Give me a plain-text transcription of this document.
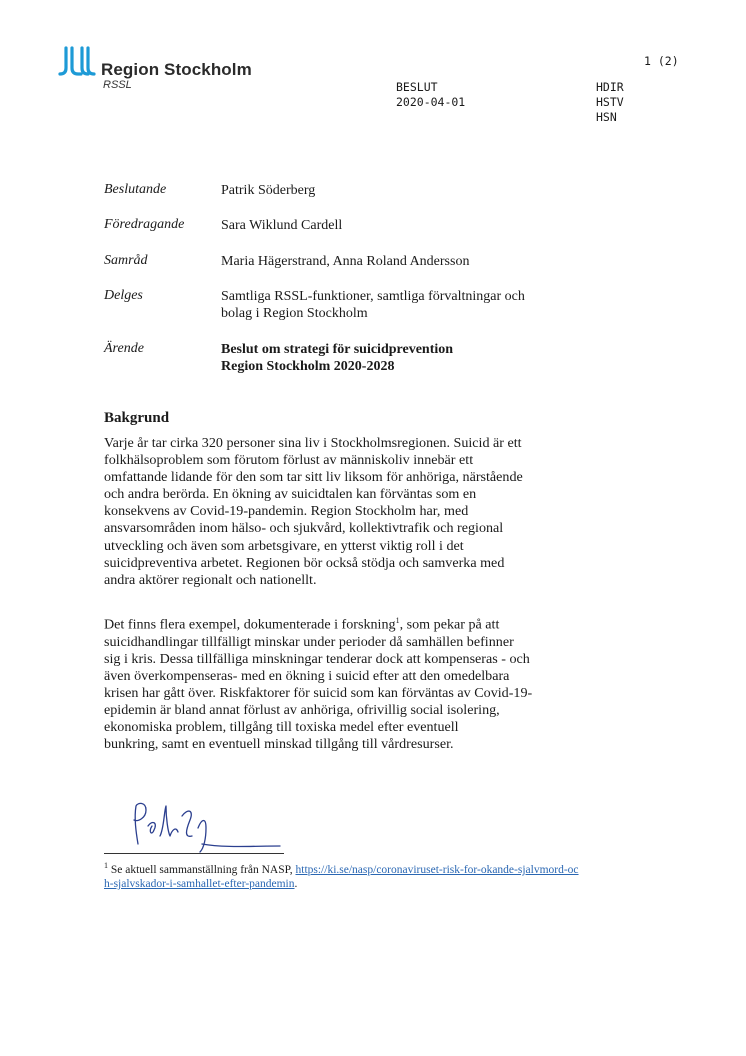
Region Stockholm
RSSL
1 (2)
BESLUT
2020-04-01
HDIR
HSTV
HSN
Beslutande	Patrik Söderberg
Föredragande	Sara Wiklund Cardell
Samråd	Maria Hägerstrand, Anna Roland Andersson
Delges	Samtliga RSSL-funktioner, samtliga förvaltningar och
bolag i Region Stockholm
Ärende	Beslut om strategi för suicidprevention
Region Stockholm 2020-2028
Bakgrund
Varje år tar cirka 320 personer sina liv i Stockholmsregionen. Suicid är ett
folkhälsoproblem som förutom förlust av människoliv innebär ett
omfattande lidande för den som tar sitt liv liksom för anhöriga, närstående
och andra berörda. En ökning av suicidtalen kan förväntas som en
konsekvens av Covid-19-pandemin. Region Stockholm har, med
ansvarsområden inom hälso- och sjukvård, kollektivtrafik och regional
utveckling och även som arbetsgivare, en ytterst viktig roll i det
suicidpreventiva arbetet. Regionen bör också stödja och samverka med
andra aktörer regionalt och nationellt.
Det finns flera exempel, dokumenterade i forskning$^1$, som pekar på att
suicidhandlingar tillfälligt minskar under perioder då samhällen befinner
sig i kris. Dessa tillfälliga minskningar tenderar dock att kompenseras - och
även överkompenseras- med en ökning i suicid efter att den omedelbara
krisen har gått över. Riskfaktorer för suicid som kan förväntas av Covid-19-
epidemin är bland annat förlust av anhöriga, ofrivillig social isolering,
ekonomiska problem, tillgång till toxiska medel efter eventuell
bunkring, samt en eventuell minskad tillgång till vårdresurser.
$^1$ Se aktuell sammanställning från NASP, https://ki.se/nasp/coronaviruset-risk-for-okande-sjalvmord-och-sjalvskador-i-samhallet-efter-pandemin.
